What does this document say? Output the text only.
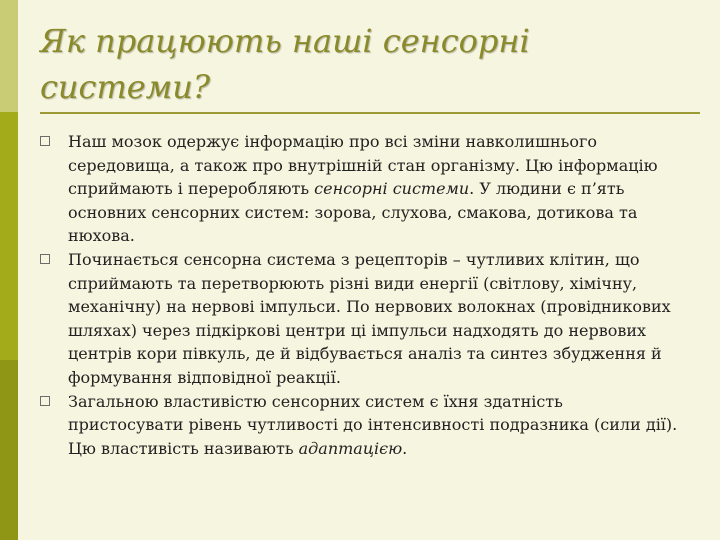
Як працюють наші сенсорні системи?
Наш мозок одержує інформацію про всі зміни навколишнього середовища, а також про внутрішній стан організму. Цю інформацію сприймають і переробляють сенсорні системи. У людини є п’ять основних сенсорних систем: зорова, слухова, смакова, дотикова та нюхова.
Починається сенсорна система з рецепторів – чутливих клітин, що сприймають та перетворюють різні види енергії (світлову, хімічну, механічну) на нервові імпульси. По нервових волокнах (провідникових шляхах) через підкіркові центри ці імпульси надходять до нервових центрів кори півкуль, де й відбувається аналіз та синтез збудження й формування відповідної реакції.
Загальною властивістю сенсорних систем є їхня здатність пристосувати рівень чутливості до інтенсивності подразника (сили дії). Цю властивість називають адаптацією.
